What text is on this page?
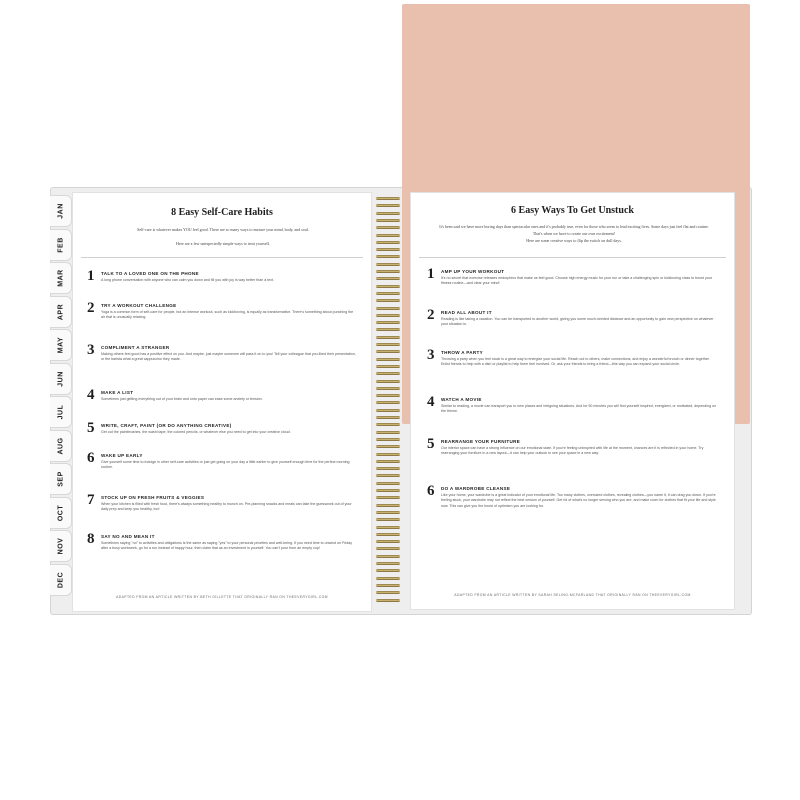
8 Easy Self-Care Habits
Self-care is whatever makes YOU feel good. There are so many ways to nurture your mind, body, and soul.
Here are a few unexpectedly simple ways to treat yourself.
1 TALK TO A LOVED ONE ON THE PHONE
A long phone conversation with anyone who can calm you down and fill you with joy is way better than a text.
2 TRY A WORKOUT CHALLENGE
Yoga is a common form of self-care for people, but an intense workout, such as kickboxing, is equally as transformative. There's something about punching the air that is unusually relaxing.
3 COMPLIMENT A STRANGER
Making others feel good has a positive effect on you. And maybe, just maybe someone will pass it on to you! Tell your colleague that you liked their presentation, or the barista what a great cappuccino they made.
4 MAKE A LIST
Sometimes just getting everything out of your brain and onto paper can ease some anxiety or tension.
5 WRITE, CRAFT, PAINT (OR DO ANYTHING CREATIVE)
Get out the paintbrushes, the washi tape, the colored pencils, or whatever else you need to get into your creative cloud.
6 WAKE UP EARLY
Give yourself some time to indulge in other self-care activities or just get going on your day a little earlier to give yourself enough time for the perfect morning routine.
7 STOCK UP ON FRESH FRUITS & VEGGIES
When your kitchen is filled with fresh food, there's always something healthy to munch on. Pre-planning snacks and meals can take the guesswork out of your daily prep and keep you healthy, too!
8 SAY NO AND MEAN IT
Sometimes saying "no" to activities and obligations is the same as saying "yes" to your personal priorities and well-being. If you need time to unwind on Friday after a busy workweek, go for a run instead of happy hour, then claim that as an investment in yourself. You can't pour from an empty cup!
ADAPTED FROM AN ARTICLE WRITTEN BY BETH GILLETTE THAT ORIGINALLY RAN ON THEEVERYGIRL.COM
JAN
FEB
MAR
APR
MAY
JUN
JUL
AUG
SEP
OCT
NOV
DEC
6 Easy Ways To Get Unstuck
It's been said we have more boring days than spectacular ones and it's probably true, even for those who seem to lead exciting lives. Some days just feel flat and routine. That's when we have to create our own excitement!
Here are some creative ways to flip the switch on dull days.
1 AMP UP YOUR WORKOUT
It's no secret that exercise releases endorphins that make us feel good. Choose high energy music for your run or take a challenging spin or kickboxing class to boost your fitness routine—and clear your mind!
2 READ ALL ABOUT IT
Reading is like taking a vacation. You can be transported to another world, giving you some much-needed distance and an opportunity to gain new perspective on whatever your situation is.
3 THROW A PARTY
Throwing a party when you feel stuck is a great way to energize your social life. Reach out to others, make connections, and enjoy a wonderful brunch or dinner together. Enlist friends to help with a dish or playlist to help them feel involved. Or, ask your friends to bring a friend—this way you can expand your social circle.
4 WATCH A MOVIE
Similar to reading, a movie can transport you to new places and intriguing situations. And for 90 minutes you will find yourself inspired, energized, or motivated, depending on the theme.
5 REARRANGE YOUR FURNITURE
Our interior space can have a strong influence on our emotional state. If you're feeling uninspired with life at the moment, chances are it is reflected in your home. Try rearranging your furniture in a new layout—it can help your outlook to see your space in a new way.
6 DO A WARDROBE CLEANSE
Like your home, your wardrobe is a great indicator of your emotional life. Too many clothes, oversized clothes, revealing clothes—you name it, it can drag you down. If you're feeling stuck, your wardrobe may not reflect the best version of yourself. Get rid of what's no longer serving who you are, and make room for clothes that fit your life and style now. This can give you the boost of optimism you are looking for.
ADAPTED FROM AN ARTICLE WRITTEN BY SARAH SELING-MCFARLAND THAT ORIGINALLY RAN ON THEEVERYGIRL.COM
